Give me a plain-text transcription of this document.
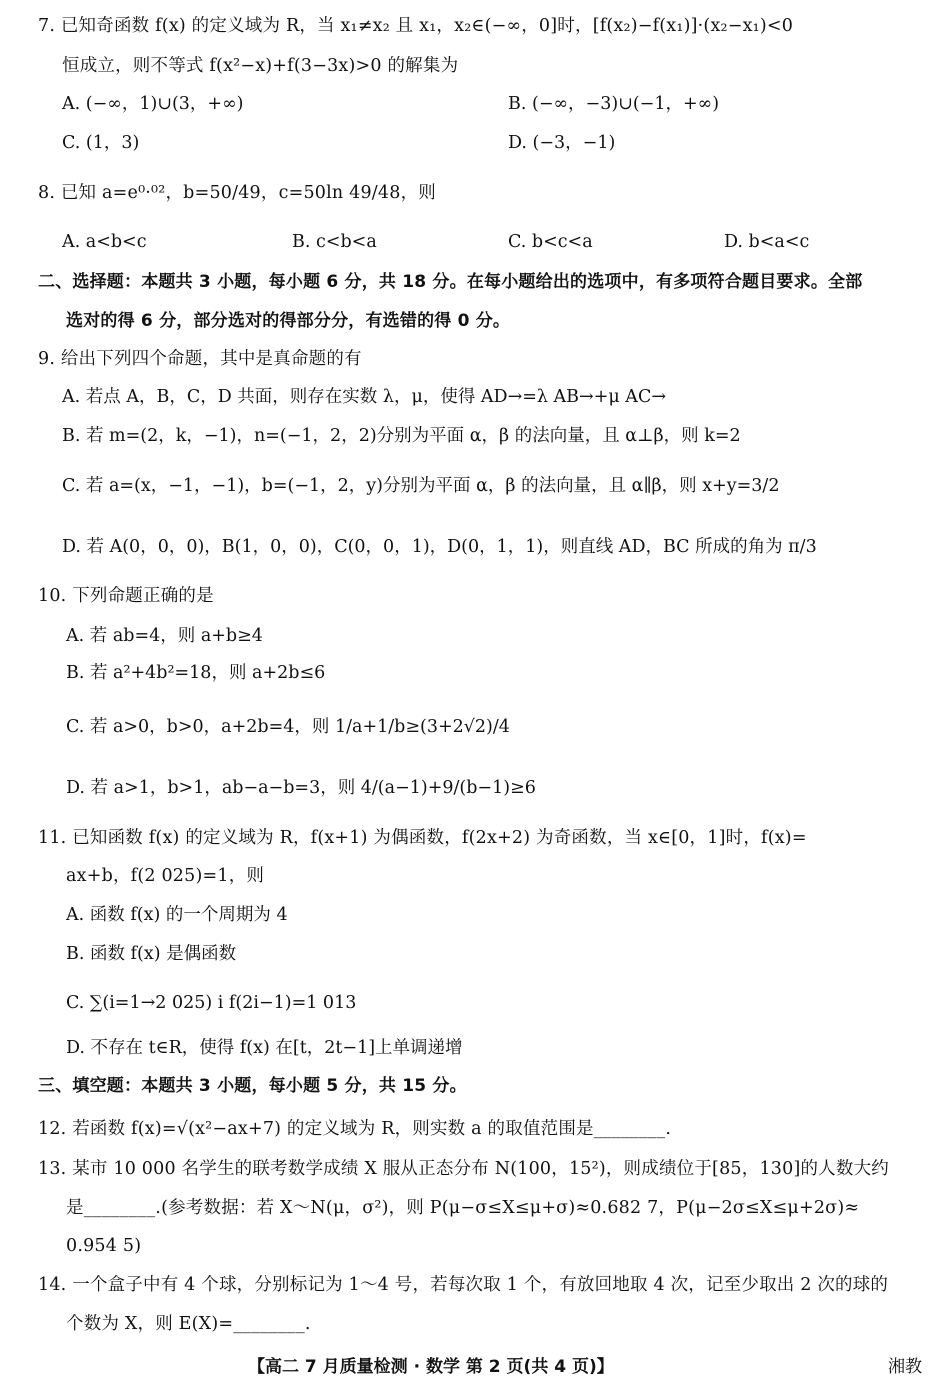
7. 已知奇函数 f(x) 的定义域为 R，当 x₁≠x₂ 且 x₁，x₂∈(−∞，0]时，[f(x₂)−f(x₁)]·(x₂−x₁)<0
恒成立，则不等式 f(x²−x)+f(3−3x)>0 的解集为
A. (−∞，1)∪(3，+∞)	B. (−∞，−3)∪(−1，+∞)
C. (1，3)	D. (−3，−1)
8. 已知 a=e⁰·⁰²，b=50/49，c=50ln 49/48，则
A. a<b<c	B. c<b<a	C. b<c<a	D. b<a<c
二、选择题：本题共 3 小题，每小题 6 分，共 18 分。在每小题给出的选项中，有多项符合题目要求。全部
选对的得 6 分，部分选对的得部分分，有选错的得 0 分。
9. 给出下列四个命题，其中是真命题的有
A. 若点 A，B，C，D 共面，则存在实数 λ，μ，使得 AD→=λ AB→+μ AC→
B. 若 m=(2，k，−1)，n=(−1，2，2)分别为平面 α，β 的法向量，且 α⊥β，则 k=2
C. 若 a=(x，−1，−1)，b=(−1，2，y)分别为平面 α，β 的法向量，且 α∥β，则 x+y=3/2
D. 若 A(0，0，0)，B(1，0，0)，C(0，0，1)，D(0，1，1)，则直线 AD，BC 所成的角为 π/3
10. 下列命题正确的是
A. 若 ab=4，则 a+b≥4
B. 若 a²+4b²=18，则 a+2b≤6
C. 若 a>0，b>0，a+2b=4，则 1/a+1/b≥(3+2√2)/4
D. 若 a>1，b>1，ab−a−b=3，则 4/(a−1)+9/(b−1)≥6
11. 已知函数 f(x) 的定义域为 R，f(x+1) 为偶函数，f(2x+2) 为奇函数，当 x∈[0，1]时，f(x)=
ax+b，f(2 025)=1，则
A. 函数 f(x) 的一个周期为 4
B. 函数 f(x) 是偶函数
C. ∑(i=1→2 025) i f(2i−1)=1 013
D. 不存在 t∈R，使得 f(x) 在[t，2t−1]上单调递增
三、填空题：本题共 3 小题，每小题 5 分，共 15 分。
12. 若函数 f(x)=√(x²−ax+7) 的定义域为 R，则实数 a 的取值范围是________.
13. 某市 10 000 名学生的联考数学成绩 X 服从正态分布 N(100，15²)，则成绩位于[85，130]的人数大约
是________.(参考数据：若 X～N(μ，σ²)，则 P(μ−σ≤X≤μ+σ)≈0.682 7，P(μ−2σ≤X≤μ+2σ)≈
0.954 5)
14. 一个盒子中有 4 个球，分别标记为 1～4 号，若每次取 1 个，有放回地取 4 次，记至少取出 2 次的球的
个数为 X，则 E(X)=________.
【高二 7 月质量检测 · 数学 第 2 页(共 4 页)】	湘教
